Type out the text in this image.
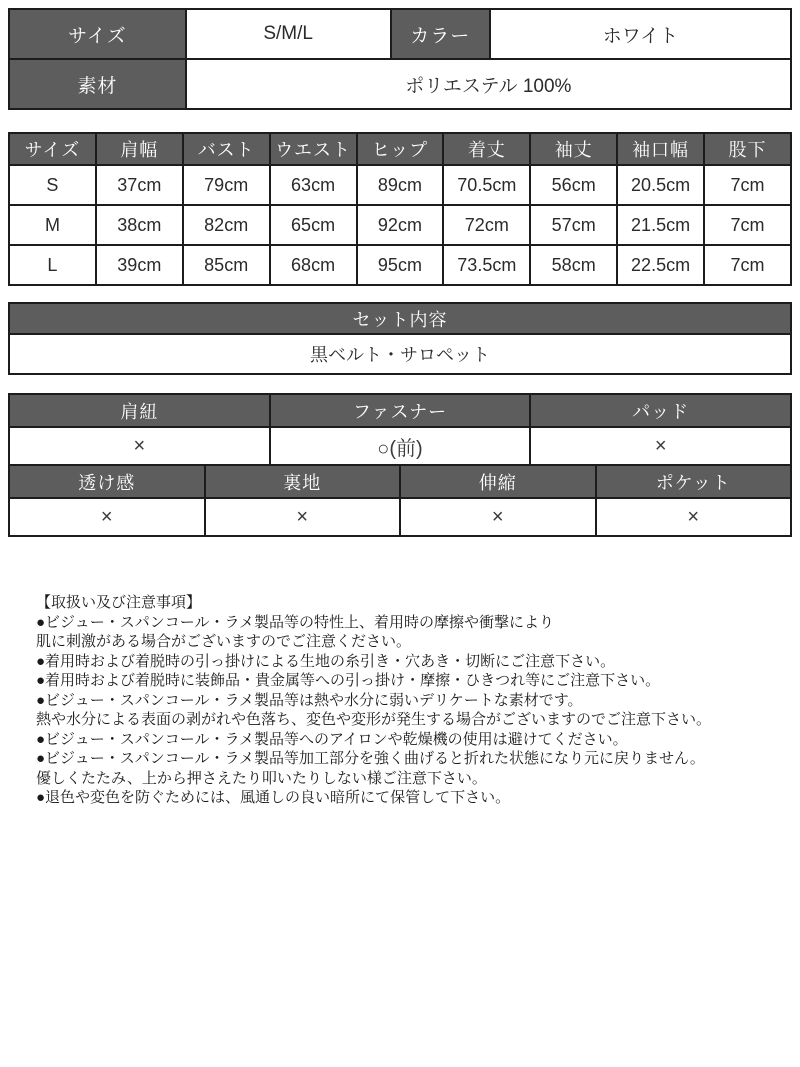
サイズ	S/M/L	カラー	ホワイト
素材	ポリエステル 100%		
サイズ	肩幅	バスト	ウエスト	ヒップ	着丈	袖丈	袖口幅	股下
S	37cm	79cm	63cm	89cm	70.5cm	56cm	20.5cm	7cm
M	38cm	82cm	65cm	92cm	72cm	57cm	21.5cm	7cm
L	39cm	85cm	68cm	95cm	73.5cm	58cm	22.5cm	7cm
セット内容
黒ベルト・サロペット
肩紐	ファスナー	パッド
×	○(前)	×
透け感	裏地	伸縮	ポケット
×	×	×	×
【取扱い及び注意事項】
●ビジュー・スパンコール・ラメ製品等の特性上、着用時の摩擦や衝撃により
肌に刺激がある場合がございますのでご注意ください。
●着用時および着脱時の引っ掛けによる生地の糸引き・穴あき・切断にご注意下さい。
●着用時および着脱時に装飾品・貴金属等への引っ掛け・摩擦・ひきつれ等にご注意下さい。
●ビジュー・スパンコール・ラメ製品等は熱や水分に弱いデリケートな素材です。
熱や水分による表面の剥がれや色落ち、変色や変形が発生する場合がございますのでご注意下さい。
●ビジュー・スパンコール・ラメ製品等へのアイロンや乾燥機の使用は避けてください。
●ビジュー・スパンコール・ラメ製品等加工部分を強く曲げると折れた状態になり元に戻りません。
優しくたたみ、上から押さえたり叩いたりしない様ご注意下さい。
●退色や変色を防ぐためには、風通しの良い暗所にて保管して下さい。
